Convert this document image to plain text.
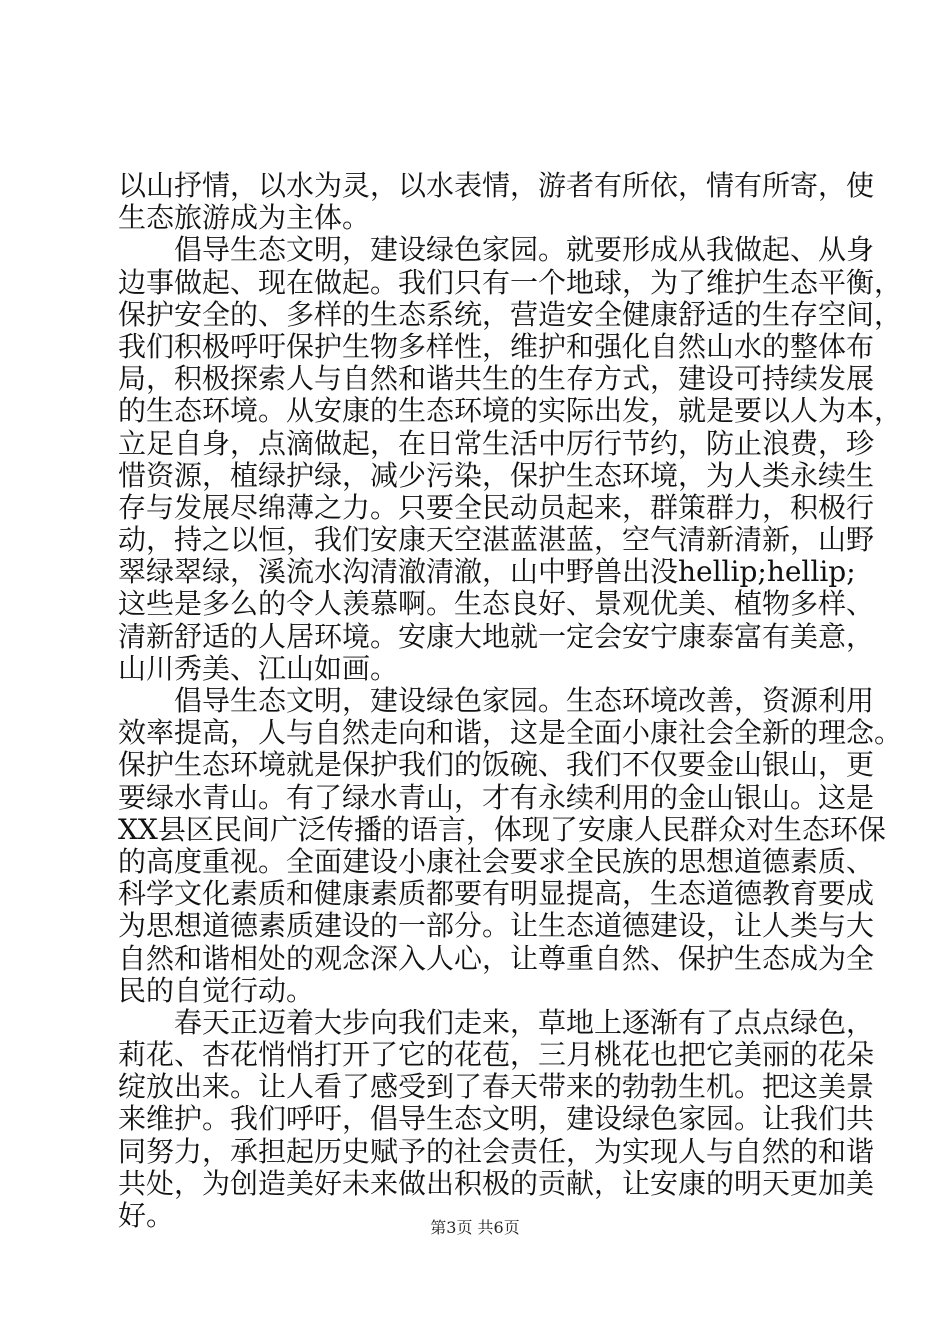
以山抒情，以水为灵，以水表情，游者有所依，情有所寄，使

生态旅游成为主体。

倡导生态文明，建设绿色家园。就要形成从我做起、从身

边事做起、现在做起。我们只有一个地球，为了维护生态平衡，

保护安全的、多样的生态系统，营造安全健康舒适的生存空间，

我们积极呼吁保护生物多样性，维护和强化自然山水的整体布

局，积极探索人与自然和谐共生的生存方式，建设可持续发展

的生态环境。从安康的生态环境的实际出发，就是要以人为本，

立足自身，点滴做起，在日常生活中厉行节约，防止浪费，珍

惜资源，植绿护绿，减少污染，保护生态环境，为人类永续生

存与发展尽绵薄之力。只要全民动员起来，群策群力，积极行

动，持之以恒，我们安康天空湛蓝湛蓝，空气清新清新，山野

翠绿翠绿，溪流水沟清澈清澈，山中野兽出没hellip;hellip;

这些是多么的令人羡慕啊。生态良好、景观优美、植物多样、

清新舒适的人居环境。安康大地就一定会安宁康泰富有美意，

山川秀美、江山如画。

倡导生态文明，建设绿色家园。生态环境改善，资源利用

效率提高，人与自然走向和谐，这是全面小康社会全新的理念。

保护生态环境就是保护我们的饭碗、我们不仅要金山银山，更

要绿水青山。有了绿水青山，才有永续利用的金山银山。这是

XX县区民间广泛传播的语言，体现了安康人民群众对生态环保

的高度重视。全面建设小康社会要求全民族的思想道德素质、

科学文化素质和健康素质都要有明显提高，生态道德教育要成

为思想道德素质建设的一部分。让生态道德建设，让人类与大

自然和谐相处的观念深入人心，让尊重自然、保护生态成为全

民的自觉行动。

春天正迈着大步向我们走来，草地上逐渐有了点点绿色，

莉花、杏花悄悄打开了它的花苞，三月桃花也把它美丽的花朵

绽放出来。让人看了感受到了春天带来的勃勃生机。把这美景

来维护。我们呼吁，倡导生态文明，建设绿色家园。让我们共

同努力，承担起历史赋予的社会责任，为实现人与自然的和谐

共处，为创造美好未来做出积极的贡献，让安康的明天更加美

好。	第3页 共6页
